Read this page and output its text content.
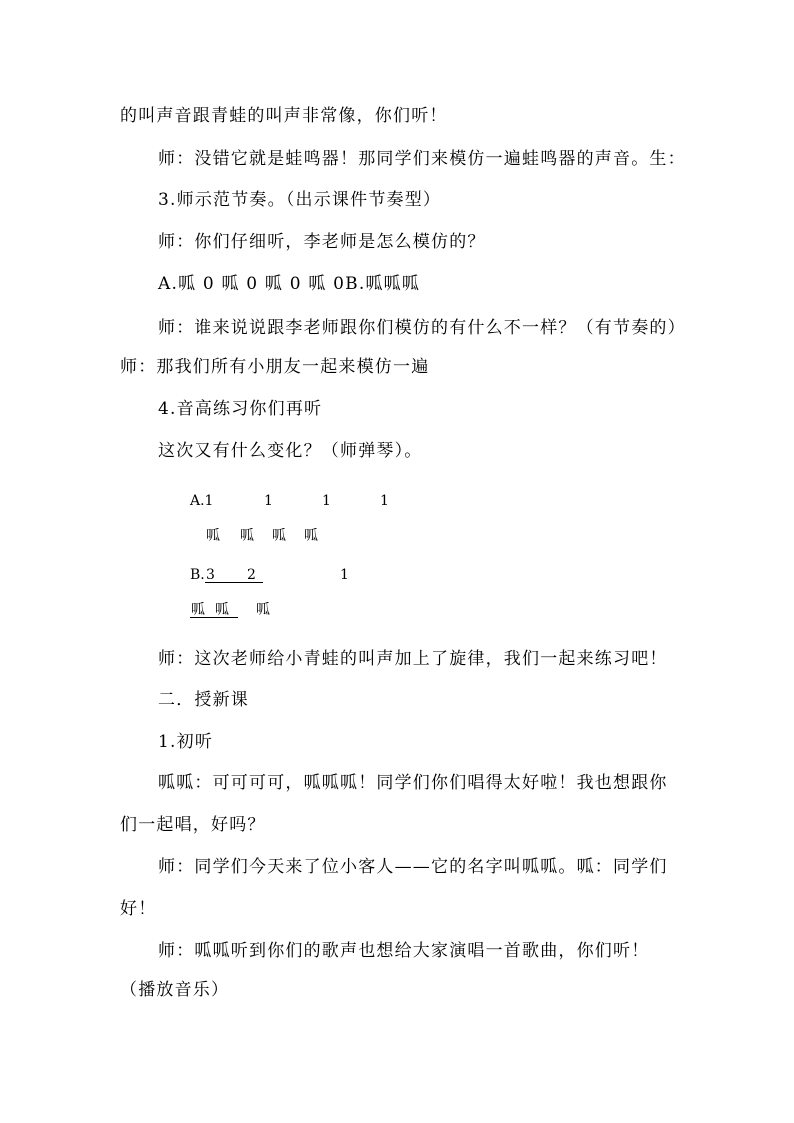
的叫声音跟青蛙的叫声非常像，你们听！
师：没错它就是蛙鸣器！那同学们来模仿一遍蛙鸣器的声音。生：
3.师示范节奏。（出示课件节奏型）
师：你们仔细听，李老师是怎么模仿的？
A.呱 0 呱 0 呱 0 呱 0B.呱呱呱
师：谁来说说跟李老师跟你们模仿的有什么不一样？（有节奏的）
师：那我们所有小朋友一起来模仿一遍
4.音高练习你们再听
这次又有什么变化？（师弹琴）。
A.1	1	1	1
呱 呱 呱 呱
B. 3 2	1
呱 呱 呱
师：这次老师给小青蛙的叫声加上了旋律，我们一起来练习吧！
二．授新课
1.初听
呱呱：可可可可，呱呱呱！同学们你们唱得太好啦！我也想跟你
们一起唱，好吗？
师：同学们今天来了位小客人——它的名字叫呱呱。呱：同学们
好！
师：呱呱听到你们的歌声也想给大家演唱一首歌曲，你们听！
（播放音乐）
